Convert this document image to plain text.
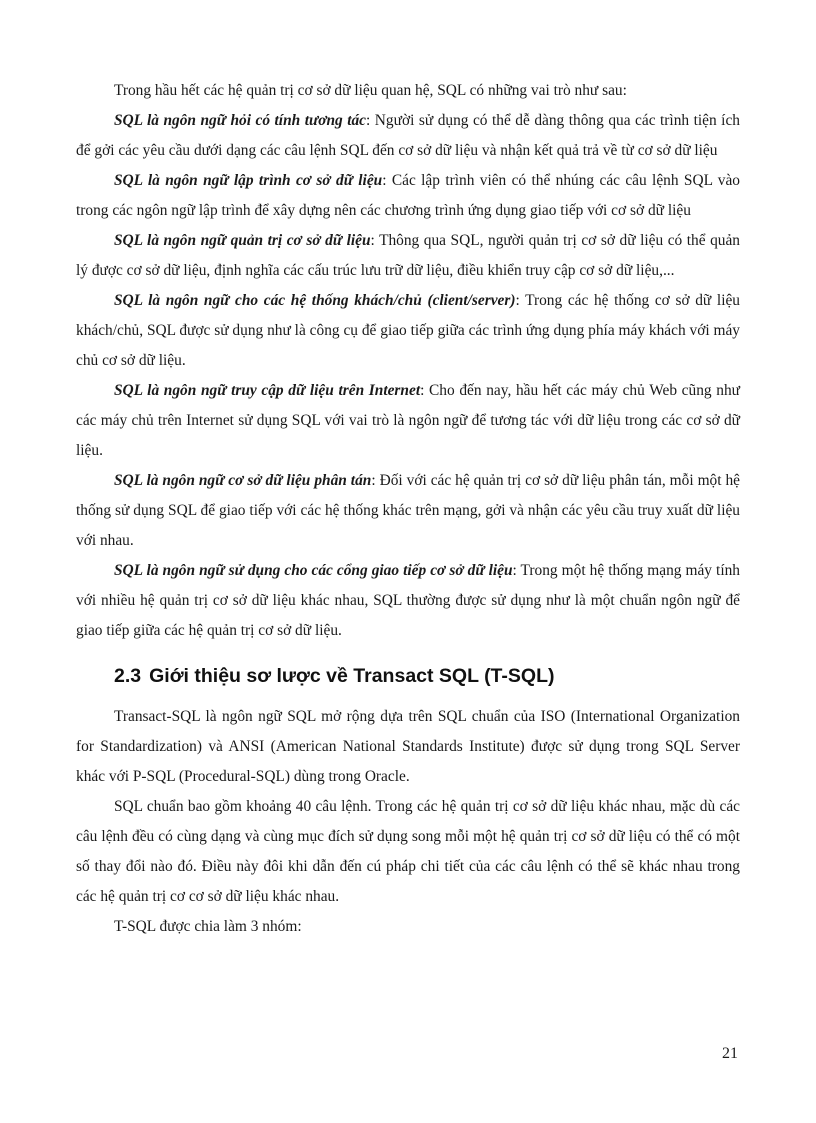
Trong hầu hết các hệ quản trị cơ sở dữ liệu quan hệ, SQL có những vai trò như sau:

SQL là ngôn ngữ hỏi có tính tương tác: Người sử dụng có thể dễ dàng thông qua các trình tiện ích để gởi các yêu cầu dưới dạng các câu lệnh SQL đến cơ sở dữ liệu và nhận kết quả trả về từ cơ sở dữ liệu

SQL là ngôn ngữ lập trình cơ sở dữ liệu: Các lập trình viên có thể nhúng các câu lệnh SQL vào trong các ngôn ngữ lập trình để xây dựng nên các chương trình ứng dụng giao tiếp với cơ sở dữ liệu

SQL là ngôn ngữ quản trị cơ sở dữ liệu: Thông qua SQL, người quản trị cơ sở dữ liệu có thể quản lý được cơ sở dữ liệu, định nghĩa các cấu trúc lưu trữ dữ liệu, điều khiển truy cập cơ sở dữ liệu,...

SQL là ngôn ngữ cho các hệ thống khách/chủ (client/server): Trong các hệ thống cơ sở dữ liệu khách/chủ, SQL được sử dụng như là công cụ để giao tiếp giữa các trình ứng dụng phía máy khách với máy chủ cơ sở dữ liệu.

SQL là ngôn ngữ truy cập dữ liệu trên Internet: Cho đến nay, hầu hết các máy chủ Web cũng như các máy chủ trên Internet sử dụng SQL với vai trò là ngôn ngữ để tương tác với dữ liệu trong các cơ sở dữ liệu.

SQL là ngôn ngữ cơ sở dữ liệu phân tán: Đối với các hệ quản trị cơ sở dữ liệu phân tán, mỗi một hệ thống sử dụng SQL để giao tiếp với các hệ thống khác trên mạng, gởi và nhận các yêu cầu truy xuất dữ liệu với nhau.

SQL là ngôn ngữ sử dụng cho các cổng giao tiếp cơ sở dữ liệu: Trong một hệ thống mạng máy tính với nhiều hệ quản trị cơ sở dữ liệu khác nhau, SQL thường được sử dụng như là một chuẩn ngôn ngữ để giao tiếp giữa các hệ quản trị cơ sở dữ liệu.

2.3 Giới thiệu sơ lược về Transact SQL (T-SQL)

Transact-SQL là ngôn ngữ SQL mở rộng dựa trên SQL chuẩn của ISO (International Organization for Standardization) và ANSI (American National Standards Institute) được sử dụng trong SQL Server khác với P-SQL (Procedural-SQL) dùng trong Oracle.

SQL chuẩn bao gồm khoảng 40 câu lệnh. Trong các hệ quản trị cơ sở dữ liệu khác nhau, mặc dù các câu lệnh đều có cùng dạng và cùng mục đích sử dụng song mỗi một hệ quản trị cơ sở dữ liệu có thể có một số thay đổi nào đó. Điều này đôi khi dẫn đến cú pháp chi tiết của các câu lệnh có thể sẽ khác nhau trong các hệ quản trị cơ cơ sở dữ liệu khác nhau.

T-SQL được chia làm 3 nhóm:

21
